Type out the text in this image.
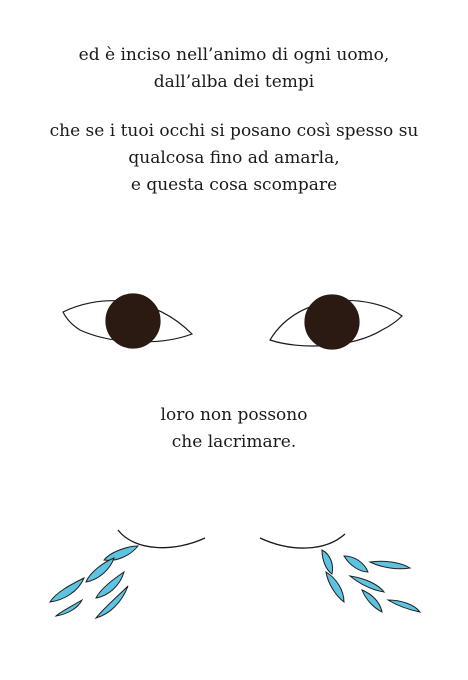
ed è inciso nell’animo di ogni uomo,
dall’alba dei tempi
che se i tuoi occhi si posano così spesso su
qualcosa fino ad amarla,
e questa cosa scompare
loro non possono
che lacrimare.
